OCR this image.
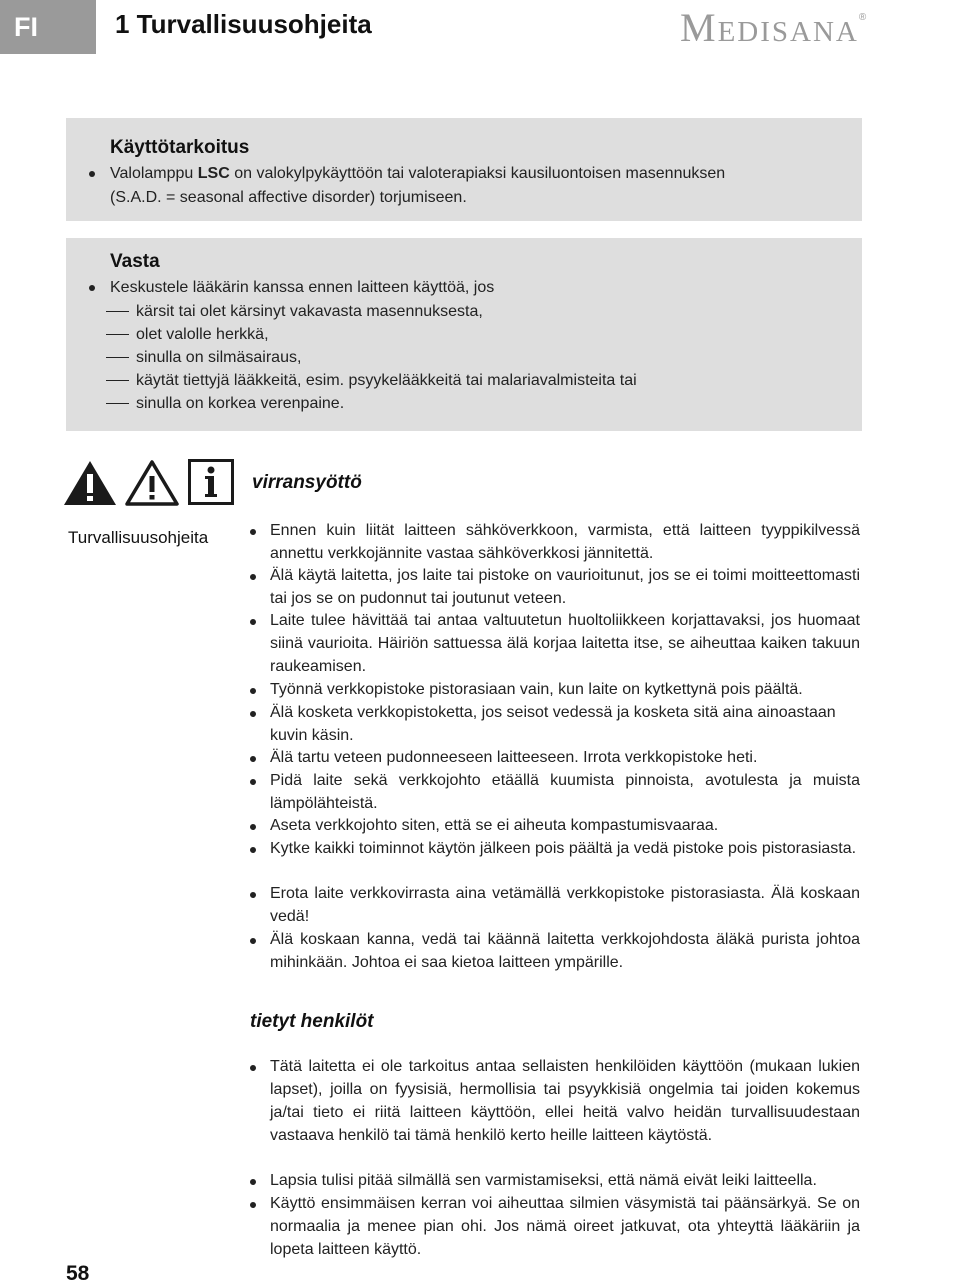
FI	1 Turvallisuusohjeita	MEDISANA®
Käyttötarkoitus
Valolamppu LSC on valokylpykäyttöön tai valoterapiaksi kausiluontoisen masennuksen
(S.A.D. = seasonal affective disorder) torjumiseen.
Vasta
Keskustele lääkärin kanssa ennen laitteen käyttöä, jos
kärsit tai olet kärsinyt vakavasta masennuksesta,
olet valolle herkkä,
sinulla on silmäsairaus,
käytät tiettyjä lääkkeitä, esim. psyykelääkkeitä tai malariavalmisteita tai
sinulla on korkea verenpaine.
virransyöttö
Turvallisuusohjeita	Ennen kuin liität laitteen sähköverkkoon, varmista, että laitteen tyyppikilvessä annettu verkkojännite vastaa sähköverkkosi jännitettä.
Älä käytä laitetta, jos laite tai pistoke on vaurioitunut, jos se ei toimi moitteettomasti tai jos se on pudonnut tai joutunut veteen.
Laite tulee hävittää tai antaa valtuutetun huoltoliikkeen korjattavaksi, jos huomaat siinä vaurioita. Häiriön sattuessa älä korjaa laitetta itse, se aiheuttaa kaiken takuun raukeamisen.
Työnnä verkkopistoke pistorasiaan vain, kun laite on kytkettynä pois päältä.
Älä kosketa verkkopistoketta, jos seisot vedessä ja kosketa sitä aina ainoastaan kuvin käsin.
Älä tartu veteen pudonneeseen laitteeseen. Irrota verkkopistoke heti.
Pidä laite sekä verkkojohto etäällä kuumista pinnoista, avotulesta ja muista lämpölähteistä.
Aseta verkkojohto siten, että se ei aiheuta kompastumisvaaraa.
Kytke kaikki toiminnot käytön jälkeen pois päältä ja vedä pistoke pois pistorasiasta.
Erota laite verkkovirrasta aina vetämällä verkkopistoke pistorasiasta. Älä koskaan vedä!
Älä koskaan kanna, vedä tai käännä laitetta verkkojohdosta äläkä purista johtoa mihinkään. Johtoa ei saa kietoa laitteen ympärille.
tietyt henkilöt
Tätä laitetta ei ole tarkoitus antaa sellaisten henkilöiden käyttöön (mukaan lukien lapset), joilla on fyysisiä, hermollisia tai psyykkisiä ongelmia tai joiden kokemus ja/tai tieto ei riitä laitteen käyttöön, ellei heitä valvo heidän turvallisuudestaan vastaava henkilö tai tämä henkilö kerto heille laitteen käytöstä.
Lapsia tulisi pitää silmällä sen varmistamiseksi, että nämä eivät leiki laitteella.
Käyttö ensimmäisen kerran voi aiheuttaa silmien väsymistä tai päänsärkyä. Se on normaalia ja menee pian ohi. Jos nämä oireet jatkuvat, ota yhteyttä lääkäriin ja lopeta laitteen käyttö.
58
